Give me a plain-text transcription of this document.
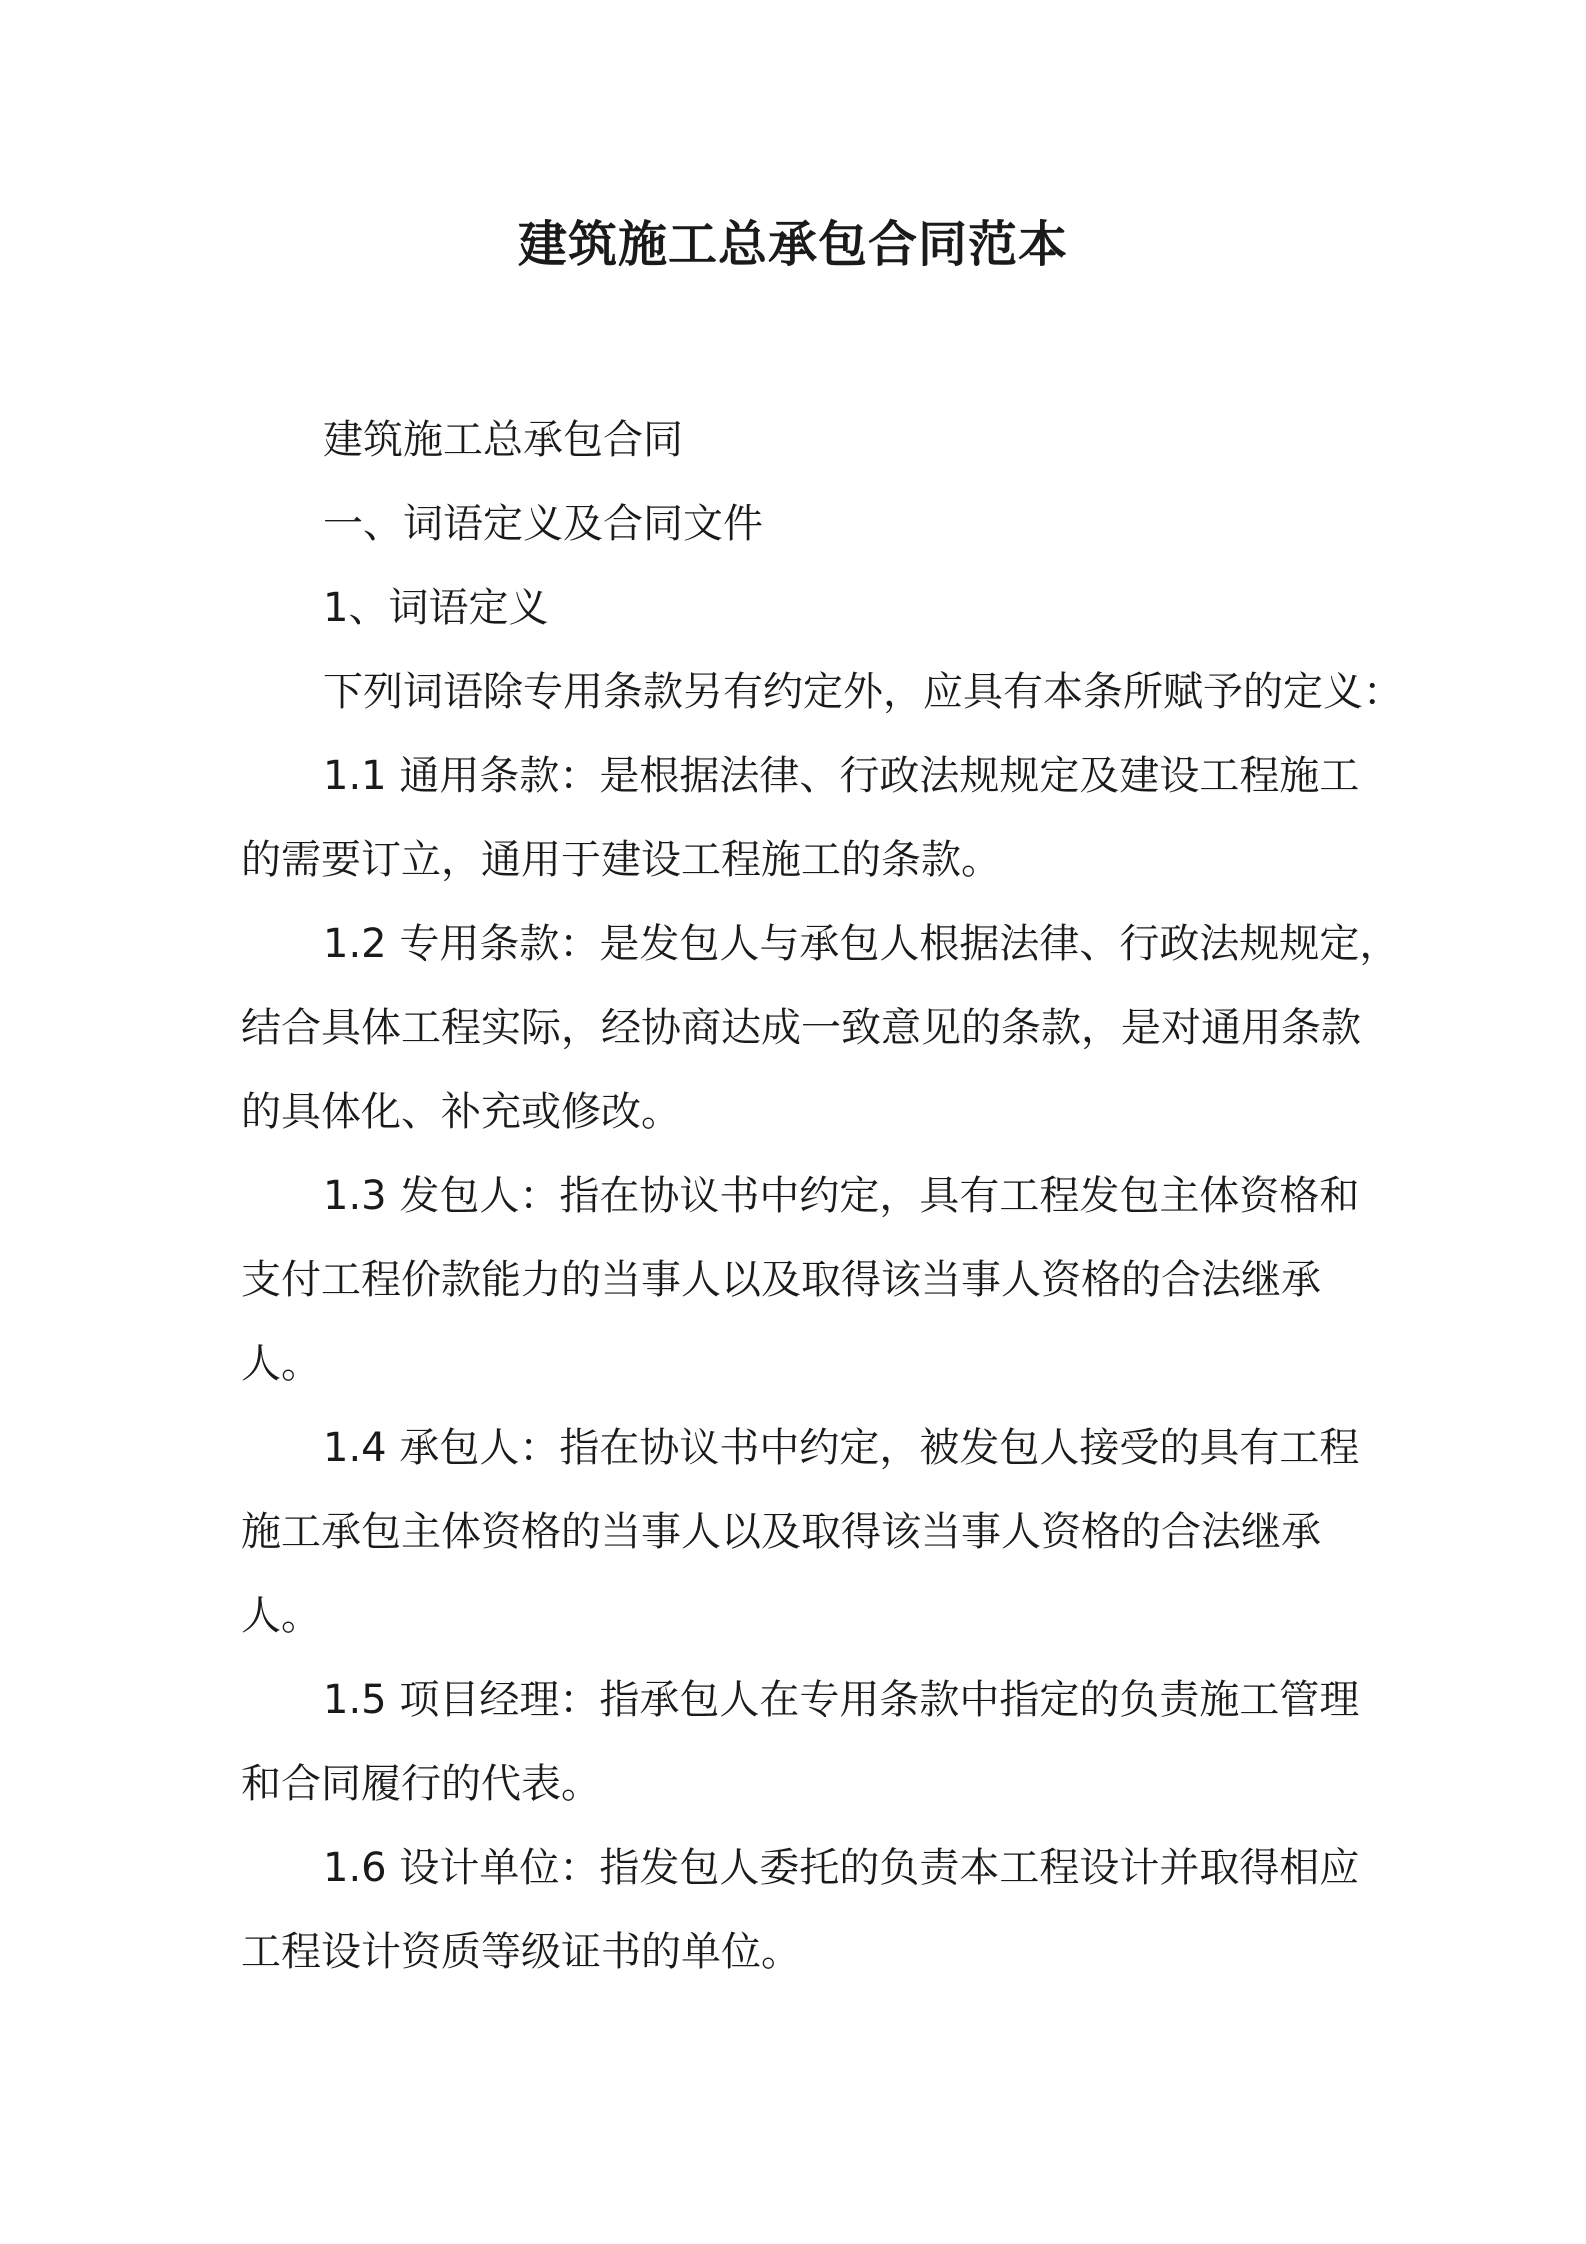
建筑施工总承包合同范本

建筑施工总承包合同

一、词语定义及合同文件

1、词语定义

下列词语除专用条款另有约定外，应具有本条所赋予的定义：

1.1 通用条款：是根据法律、行政法规规定及建设工程施工

的需要订立，通用于建设工程施工的条款。

1.2 专用条款：是发包人与承包人根据法律、行政法规规定，

结合具体工程实际，经协商达成一致意见的条款，是对通用条款

的具体化、补充或修改。

1.3 发包人：指在协议书中约定，具有工程发包主体资格和

支付工程价款能力的当事人以及取得该当事人资格的合法继承

人。

1.4 承包人：指在协议书中约定，被发包人接受的具有工程

施工承包主体资格的当事人以及取得该当事人资格的合法继承

人。

1.5 项目经理：指承包人在专用条款中指定的负责施工管理

和合同履行的代表。

1.6 设计单位：指发包人委托的负责本工程设计并取得相应

工程设计资质等级证书的单位。
